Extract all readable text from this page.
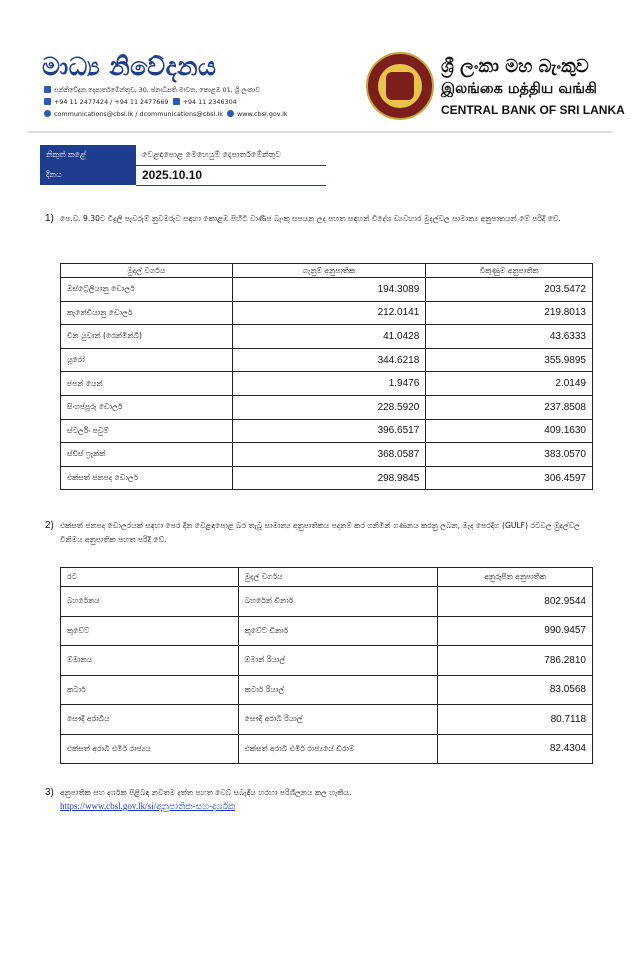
මාධ්‍ය නිවේදනය
සන්නිවේදන දෙපාර්තමේන්තුව, 30, ජනාධිපති මාවත, කොළඹ 01, ශ්‍රී ලංකාව
+94 11 2477424 / +94 11 2477669 +94 11 2346304
communications@cbsl.lk / dcommunications@cbsl.lk www.cbsl.gov.lk
ශ්‍රී ලංකා මහ බැංකුව
இலங்கை மத்திய வங்கி
CENTRAL BANK OF SRI LANKA
නිකුත් කළේ	වෙළඳපොළ මෙහෙයුම් දෙපාර්තමේන්තුව
දිනය	2025.10.10
1) පෙ.ව. 9.30ට විදුලි පැවරුම් නුවමරුව සඳහා කොළඹ පිහිටි වාණිජ බැංකු සපයන ලද පහත සඳහන් විදේශ ව්‍යවහාර මුදල්වල සාමාන්‍ය අනුපාතයන් මේ පරිදි වේ.
මුදල් වර්ගය	ගැනුම් අනුපාතික	විකුණුම් අනුපාතික
ඔස්ට්‍රේලියානු ඩොලර්	194.3089	203.5472
කැනේඩියානු ඩොලර්	212.0141	219.8013
චීන යුවාන් (රෙන්මින්බි)	41.0428	43.6333
යූරෝ	344.6218	355.9895
ජපන් යෙන්	1.9476	2.0149
සිංගප්පූරු ඩොලර්	228.5920	237.8508
ස්ටර්ලිං පවුම්	396.6517	409.1630
ස්විස් ෆ්‍රෑන්ක්	368.0587	383.0570
එක්සත් ජනපද ඩොලර්	298.9845	306.4597
2) එක්සත් ජනපද ඩොලරයක් සඳහා පෙර දින වෙළඳපොළ බර තැබූ සාමාන්‍ය අනුපාතිකය පදනම් කර ගනිමින් ගණනය කරනු ලබන, මැද පෙරදිග (GULF) රටවල මුදල්වල විනිමය අනුපාතික පහත පරිදි වේ.
රට	මුදල් වර්ගය	අනුරූපිත අනුපාතික
බහරේනය	බහරේන් ඩිනාර්	802.9544
කුවේට්	කුවේට් ඩිනාර්	990.9457
ඕමානය	ඕමාන් රියාල්	786.2810
කටාර්	කටාර් රියාල්	83.0568
සෞදි අරාබිය	සෞදි අරාබි රියාල්	80.7118
එක්සත් අරාබි එමීර් රාජ්‍යය	එක්සත් අරාබි එමීර් රාජ්‍යයේ ඩිරාම්	82.4304
3) අනුපාතික සහ දර්ශක පිළිබඳ නවතම දත්ත පහත වෙබ් සබැඳිය හරහා පරිශීලනය කල හැකිය.
https://www.cbsl.gov.lk/si/අනුපාතික-සහ-දර්ශක
